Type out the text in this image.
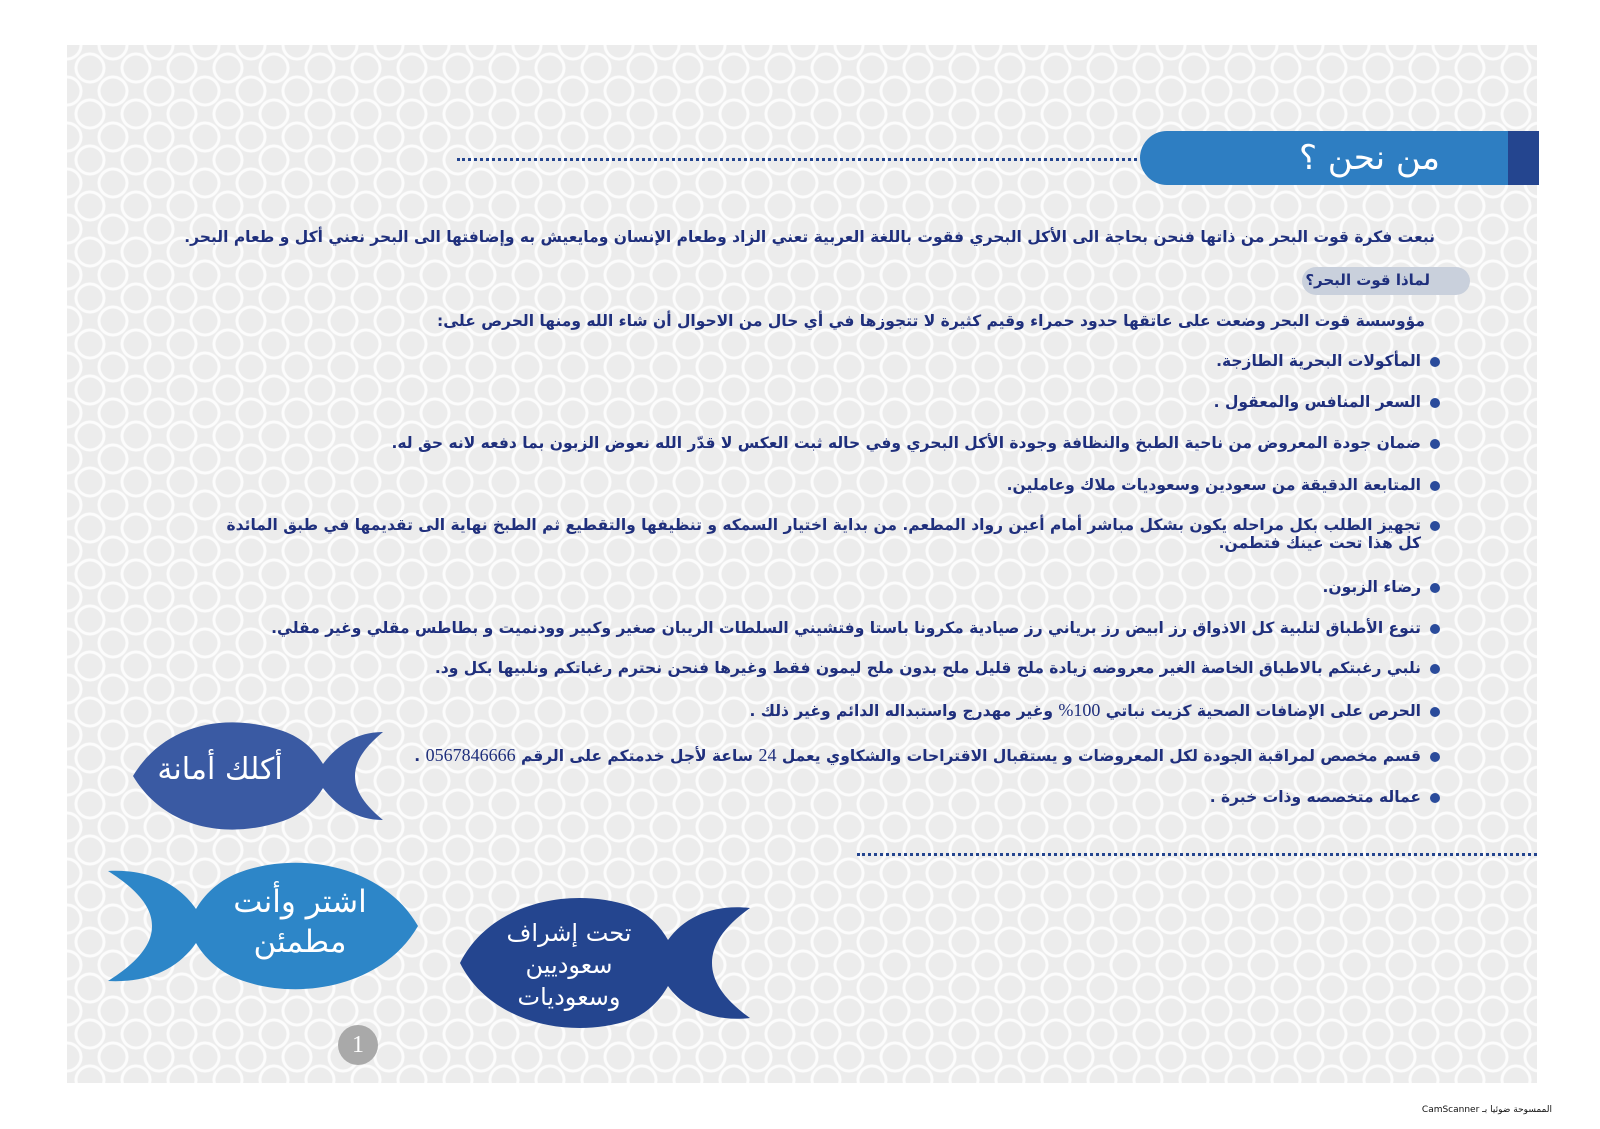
من نحن ؟
نبعت فكرة قوت البحر من ذاتها فنحن بحاجة الى الأكل البحري فقوت باللغة العربية تعني الزاد وطعام الإنسان ومايعيش به وإضافتها الى البحر نعني أكل و طعام البحر.
لماذا قوت البحر؟
مؤوسسة قوت البحر وضعت على عاتقها حدود حمراء وقيم كثيرة لا تتجوزها في أي حال من الاحوال أن شاء الله ومنها الحرص على:
المأكولات البحرية الطازجة.
السعر المنافس والمعقول .
ضمان جودة المعروض من ناحية الطبخ والنظافة وجودة الأكل البحري وفي حاله ثبت العكس لا قدّر الله نعوض الزبون بما دفعه لانه حق له.
المتابعة الدقيقة من سعودين وسعوديات ملاك وعاملين.
تجهيز الطلب بكل مراحله يكون بشكل مباشر أمام أعين رواد المطعم. من بداية اختيار السمكه و تنظيفها والتقطيع ثم الطبخ نهاية الى تقديمها في طبق المائدة
كل هذا تحت عينك فتطمن.
رضاء الزبون.
تنوع الأطباق لتلبية كل الاذواق رز ابيض رز برياني رز صيادية مكرونا باستا وفتشيني السلطات الريبان صغير وكبير وودنميت و بطاطس مقلي وغير مقلي.
نلبي رغبتكم بالاطباق الخاصة الغير معروضه زيادة ملح قليل ملح بدون ملح ليمون فقط وغيرها فنحن نحترم رغباتكم ونلبيها بكل ود.
الحرص على الإضافات الصحية كزيت نباتي 100% وغير مهدرج واستبداله الدائم وغير ذلك .
قسم مخصص لمراقبة الجودة لكل المعروضات و يستقبال الاقتراحات والشكاوي يعمل 24 ساعة لأجل خدمتكم على الرقم 0567846666 .
عماله متخصصه وذات خبرة .
أكلك أمانة
اشتر وأنت
مطمئن	تحت إشراف
سعوديين
وسعوديات
1
الممسوحة ضوئيا بـ CamScanner
